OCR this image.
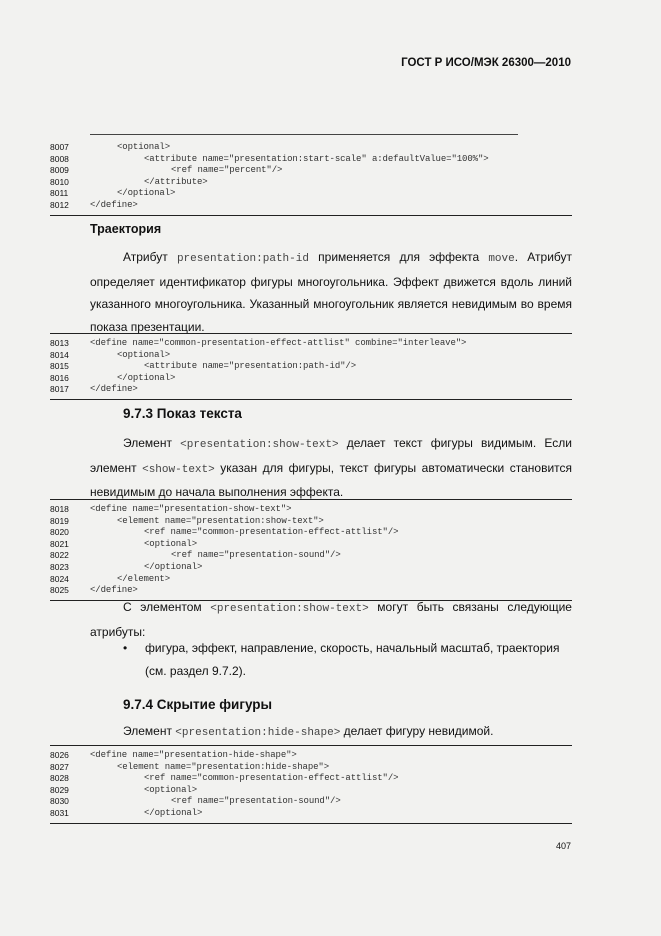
ГОСТ Р ИСО/МЭК 26300—2010
8007	<optional>
8008	<attribute name="presentation:start-scale" a:defaultValue="100%">
8009	<ref name="percent"/>
8010	</attribute>
8011	</optional>
8012	</define>
Траектория
Атрибут presentation:path-id применяется для эффекта move. Атрибут определяет идентификатор фигуры многоугольника. Эффект движется вдоль линий указанного многоугольника. Указанный многоугольник является невидимым во время показа презентации.
8013	<define name="common-presentation-effect-attlist" combine="interleave">
8014	<optional>
8015	<attribute name="presentation:path-id"/>
8016	</optional>
8017	</define>
9.7.3 Показ текста
Элемент <presentation:show-text> делает текст фигуры видимым. Если элемент <show-text> указан для фигуры, текст фигуры автоматически становится невидимым до начала выполнения эффекта.
8018	<define name="presentation-show-text">
8019	<element name="presentation:show-text">
8020	<ref name="common-presentation-effect-attlist"/>
8021	<optional>
8022	<ref name="presentation-sound"/>
8023	</optional>
8024	</element>
8025	</define>
С элементом <presentation:show-text> могут быть связаны следующие атрибуты:
•	фигура, эффект, направление, скорость, начальный масштаб, траектория (см. раздел 9.7.2).
9.7.4 Скрытие фигуры
Элемент <presentation:hide-shape> делает фигуру невидимой.
8026	<define name="presentation-hide-shape">
8027	<element name="presentation:hide-shape">
8028	<ref name="common-presentation-effect-attlist"/>
8029	<optional>
8030	<ref name="presentation-sound"/>
8031	</optional>
407
